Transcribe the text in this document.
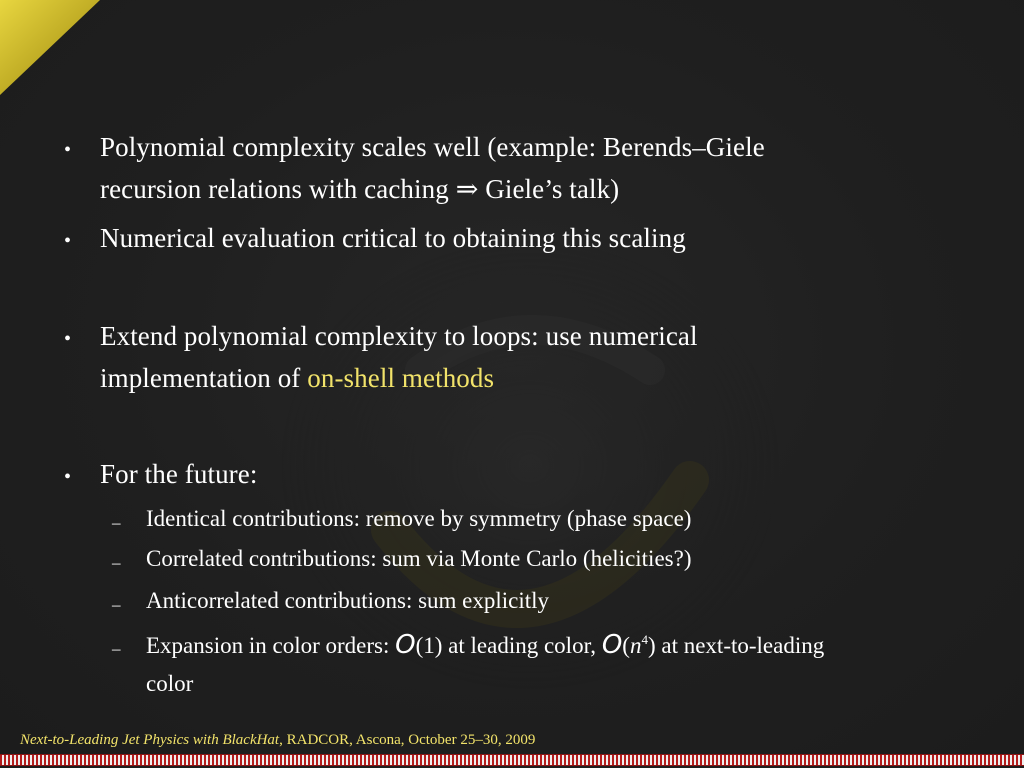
• Polynomial complexity scales well (example: Berends–Giele
recursion relations with caching ⇒ Giele’s talk)
• Numerical evaluation critical to obtaining this scaling
• Extend polynomial complexity to loops: use numerical
implementation of on-shell methods
• For the future:
– Identical contributions: remove by symmetry (phase space)
– Correlated contributions: sum via Monte Carlo (helicities?)
– Anticorrelated contributions: sum explicitly
– Expansion in color orders: O(1) at leading color, $O(n^4)$ at next-to-leading
color
Next-to-Leading Jet Physics with BlackHat, RADCOR, Ascona, October 25–30, 2009
